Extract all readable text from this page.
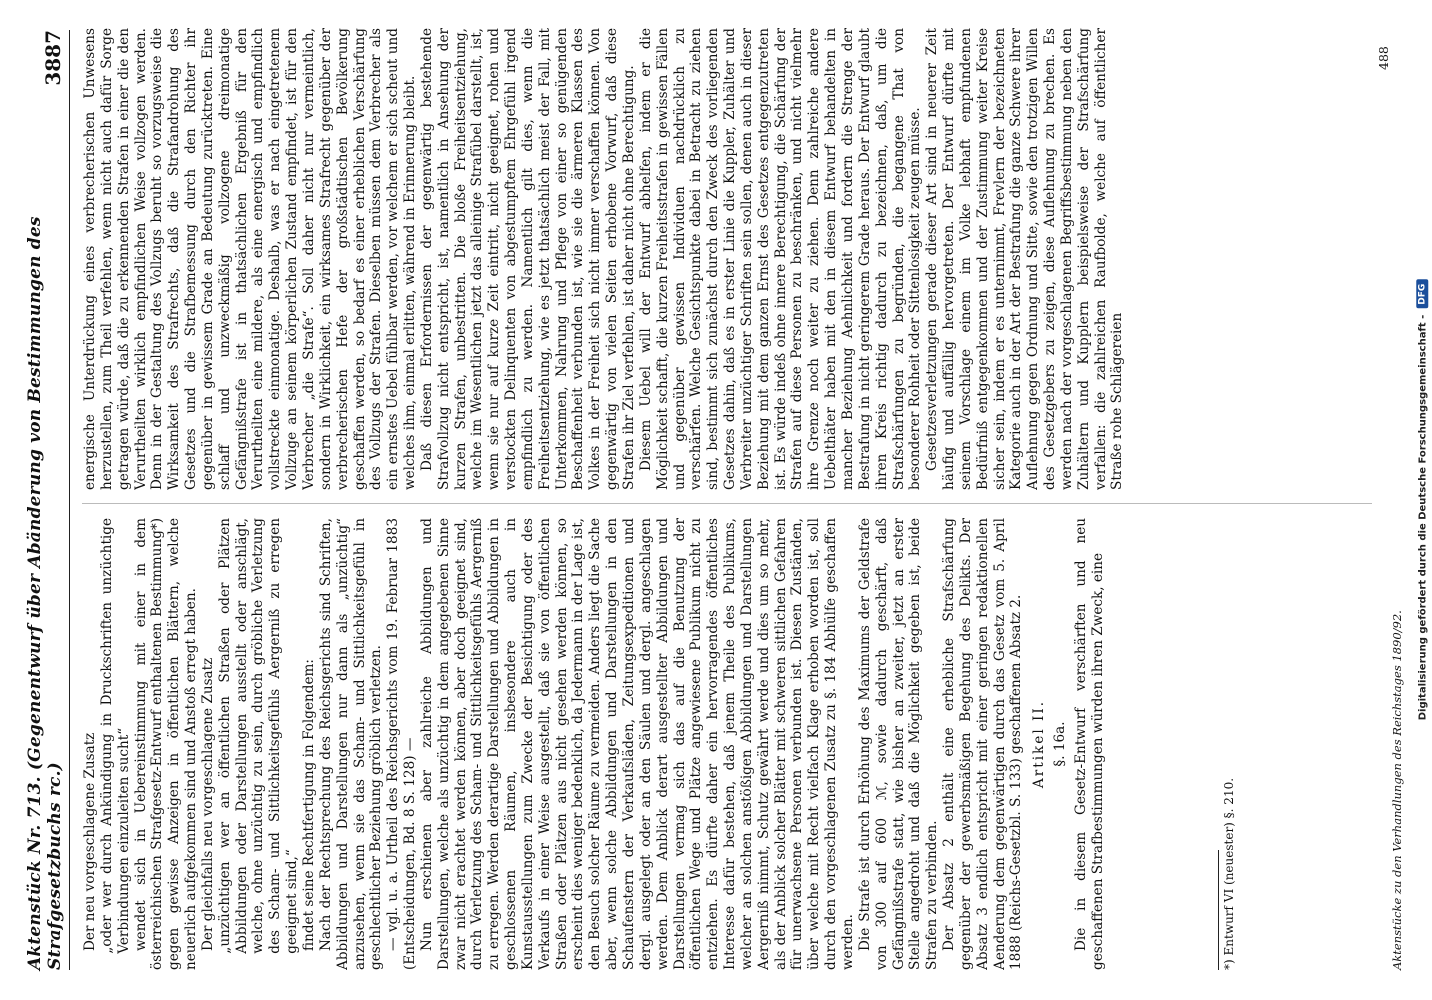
Aktenstück Nr. 713. (Gegenentwurf über Abänderung von Bestimmungen des Strafgesetzbuchs rc.)
3887

Der neu vorgeschlagene Zusatz „oder wer durch Ankündigung in Druckschriften unzüchtige Verbindungen einzuleiten sucht“ wendet sich in Uebereinstimmung mit einer in dem österreichischen Strafgesetz-Entwurf enthaltenen Bestimmung*) gegen gewisse Anzeigen in öffentlichen Blättern, welche neuerlich aufgekommen sind und Anstoß erregt haben. Der gleichfalls neu vorgeschlagene Zusatz „unzüchtigen wer an öffentlichen Straßen oder Plätzen Abbildungen oder Darstellungen ausstellt oder anschlägt, welche, ohne unzüchtig zu sein, durch gröbliche Verletzung des Scham- und Sittlichkeitsgefühls Aergerniß zu erregen geeignet sind,“ findet seine Rechtfertigung in Folgendem: Nach der Rechtsprechung des Reichsgerichts sind Schriften, Abbildungen und Darstellungen nur dann als „unzüchtig“ anzusehen, wenn sie das Scham- und Sittlichkeitsgefühl in geschlechtlicher Beziehung gröblich verletzen. — vgl. u. a. Urtheil des Reichsgerichts vom 19. Februar 1883 (Entscheidungen, Bd. 8 S. 128) — Nun erschienen aber zahlreiche Abbildungen und Darstellungen, welche als unzüchtig in dem angegebenen Sinne zwar nicht erachtet werden können, aber doch geeignet sind, durch Verletzung des Scham- und Sittlichkeitsgefühls Aergerniß zu erregen. Werden derartige Darstellungen und Abbildungen in geschlossenen Räumen, insbesondere auch in Kunstausstellungen zum Zwecke der Besichtigung oder des Verkaufs in einer Weise ausgestellt, daß sie von öffentlichen Straßen oder Plätzen aus nicht gesehen werden können, so erscheint dies weniger bedenklich, da Jedermann in der Lage ist, den Besuch solcher Räume zu vermeiden. Anders liegt die Sache aber, wenn solche Abbildungen und Darstellungen in den Schaufenstern der Verkaufsläden, Zeitungsexpeditionen und dergl. ausgelegt oder an den Säulen und dergl. angeschlagen werden. Dem Anblick derart ausgestellter Abbildungen und Darstellungen vermag sich das auf die Benutzung der öffentlichen Wege und Plätze angewiesene Publikum nicht zu entziehen. Es dürfte daher ein hervorragendes öffentliches Interesse dafür bestehen, daß jenem Theile des Publikums, welcher an solchen anstößigen Abbildungen und Darstellungen Aergerniß nimmt, Schutz gewährt werde und dies um so mehr, als der Anblick solcher Blätter mit schweren sittlichen Gefahren für unerwachsene Personen verbunden ist. Diesen Zuständen, über welche mit Recht vielfach Klage erhoben worden ist, soll durch den vorgeschlagenen Zusatz zu §. 184 Abhülfe geschaffen werden. Die Strafe ist durch Erhöhung des Maximums der Geldstrafe von 300 auf 600 ℳ, sowie dadurch geschärft, daß Gefängnißstrafe statt, wie bisher an zweiter, jetzt an erster Stelle angedroht und daß die Möglichkeit gegeben ist, beide Strafen zu verbinden. Der Absatz 2 enthält eine erhebliche Strafschärfung gegenüber der gewerbsmäßigen Begehung des Delikts. Der Absatz 3 endlich entspricht mit einer geringen redaktionellen Aenderung dem gegenwärtigen durch das Gesetz vom 5. April 1888 (Reichs-Gesetzbl. S. 133) geschaffenen Absatz 2. Artikel II. §. 16a. Die in diesem Gesetz-Entwurf verschärften und neu geschaffenen Strafbestimmungen würden ihren Zweck, eine

energische Unterdrückung eines verbrecherischen Unwesens herzustellen, zum Theil verfehlen, wenn nicht auch dafür Sorge getragen würde, daß die zu erkennenden Strafen in einer die den Verurtheilten wirklich empfindlichen Weise vollzogen werden. Denn in der Gestaltung des Vollzugs beruht so vorzugsweise die Wirksamkeit des Strafrechts, daß die Strafandrohung des Gesetzes und die Strafbemessung durch den Richter ihr gegenüber in gewissem Grade an Bedeutung zurücktreten. Eine schlaff und unzweckmäßig vollzogene dreimonatige Gefängnißstrafe ist in thatsächlichen Ergebniß für den Verurtheilten eine mildere, als eine energisch und empfindlich vollstreckte einmonatige. Deshalb, was er nach eingetretenem Vollzuge an seinem körperlichen Zustand empfindet, ist für den Verbrecher „die Strafe“. Soll daher nicht nur vermeintlich, sondern in Wirklichkeit, ein wirksames Strafrecht gegenüber der verbrecherischen Hefe der großstädtischen Bevölkerung geschaffen werden, so bedarf es einer erheblichen Verschärfung des Vollzugs der Strafen. Dieselben müssen dem Verbrecher als ein ernstes Uebel fühlbar werden, vor welchem er sich scheut und welches ihm, einmal erlitten, während in Erinnerung bleibt. Daß diesen Erfordernissen der gegenwärtig bestehende Strafvollzug nicht entspricht, ist, namentlich in Ansehung der kurzen Strafen, unbestritten. Die bloße Freiheitsentziehung, welche im Wesentlichen jetzt das alleinige Strafübel darstellt, ist, wenn sie nur auf kurze Zeit eintritt, nicht geeignet, rohen und verstockten Delinquenten von abgestumpftem Ehrgefühl irgend empfindlich zu werden. Namentlich gilt dies, wenn die Freiheitsentziehung, wie es jetzt thatsächlich meist der Fall, mit Unterkommen, Nahrung und Pflege von einer so genügenden Beschaffenheit verbunden ist, wie sie die ärmeren Klassen des Volkes in der Freiheit sich nicht immer verschaffen können. Von gegenwärtig von vielen Seiten erhobene Vorwurf, daß diese Strafen ihr Ziel verfehlen, ist daher nicht ohne Berechtigung. Diesem Uebel will der Entwurf abhelfen, indem er die Möglichkeit schafft, die kurzen Freiheitsstrafen in gewissen Fällen und gegenüber gewissen Individuen nachdrücklich zu verschärfen. Welche Gesichtspunkte dabei in Betracht zu ziehen sind, bestimmt sich zunächst durch den Zweck des vorliegenden Gesetzes dahin, daß es in erster Linie die Kuppler, Zuhälter und Verbreiter unzüchtiger Schriften sein sollen, denen auch in dieser Beziehung mit dem ganzen Ernst des Gesetzes entgegenzutreten ist. Es würde indeß ohne innere Berechtigung, die Schärfung der Strafen auf diese Personen zu beschränken, und nicht vielmehr ihre Grenze noch weiter zu ziehen. Denn zahlreiche andere Uebelthäter haben mit den in diesem Entwurf behandelten in mancher Beziehung Aehnlichkeit und fordern die Strenge der Bestrafung in nicht geringerem Grade heraus. Der Entwurf glaubt ihren Kreis richtig dadurch zu bezeichnen, daß, um die Strafschärfungen zu begründen, die begangene That von besonderer Rohheit oder Sittenlosigkeit zeugen müsse. Gesetzesverletzungen gerade dieser Art sind in neuerer Zeit häufig und auffällig hervorgetreten. Der Entwurf dürfte mit seinem Vorschlage einem im Volke lebhaft empfundenen Bedürfniß entgegenkommen und der Zustimmung weiter Kreise sicher sein, indem er es unternimmt, Frevlern der bezeichneten Kategorie auch in der Art der Bestrafung die ganze Schwere ihrer Auflehnung gegen Ordnung und Sitte, sowie den trotzigen Willen des Gesetzgebers zu zeigen, diese Auflehnung zu brechen. Es werden nach der vorgeschlagenen Begriffsbestimmung neben den Zuhältern und Kupplern beispielsweise der Strafschärfung verfallen: die zahlreichen Raufbolde, welche auf öffentlicher Straße rohe Schlägereien

*) Entwurf VI (neuester) §. 210.	Aktenstücke zu den Verhandlungen des Reichstages 1890/92.
488
Digitalisierung gefördert durch die Deutsche Forschungsgemeinschaft -
DFG
